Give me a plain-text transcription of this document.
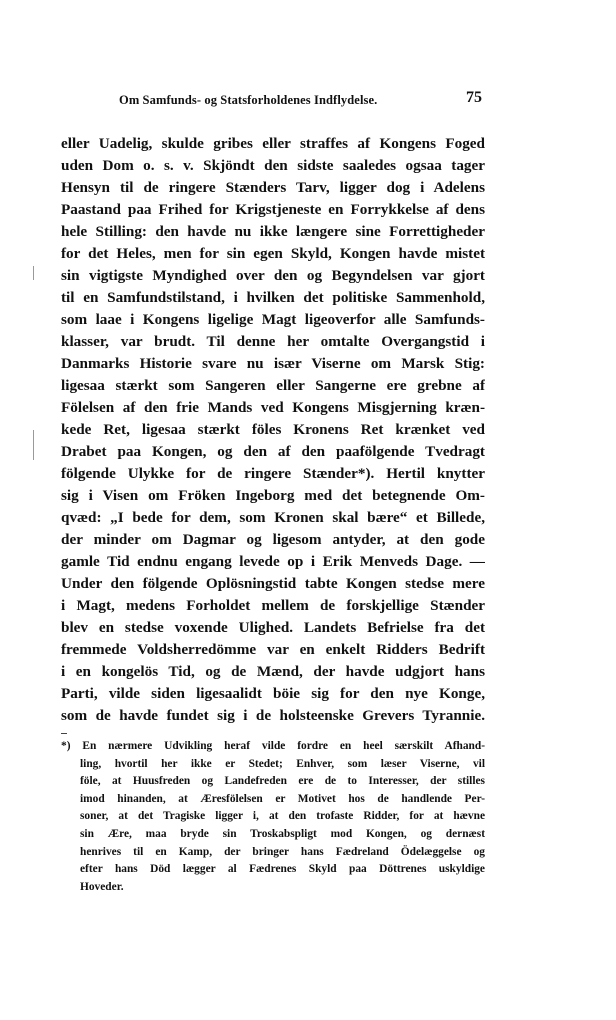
Om Samfunds- og Statsforholdenes Indflydelse.	75
eller Uadelig, skulde gribes eller straffes af Kongens Foged
uden Dom o. s. v. Skjöndt den sidste saaledes ogsaa tager
Hensyn til de ringere Stænders Tarv, ligger dog i Adelens
Paastand paa Frihed for Krigstjeneste en Forrykkelse af dens
hele Stilling: den havde nu ikke længere sine Forrettigheder
for det Heles, men for sin egen Skyld, Kongen havde mistet
sin vigtigste Myndighed over den og Begyndelsen var gjort
til en Samfundstilstand, i hvilken det politiske Sammenhold,
som laae i Kongens ligelige Magt ligeoverfor alle Samfunds-
klasser, var brudt. Til denne her omtalte Overgangstid i
Danmarks Historie svare nu især Viserne om Marsk Stig:
ligesaa stærkt som Sangeren eller Sangerne ere grebne af
Fölelsen af den frie Mands ved Kongens Misgjerning kræn-
kede Ret, ligesaa stærkt föles Kronens Ret krænket ved
Drabet paa Kongen, og den af den paafölgende Tvedragt
fölgende Ulykke for de ringere Stænder*). Hertil knytter
sig i Visen om Fröken Ingeborg med det betegnende Om-
qvæd: „I bede for dem, som Kronen skal bære“ et Billede,
der minder om Dagmar og ligesom antyder, at den gode
gamle Tid endnu engang levede op i Erik Menveds Dage. —
Under den fölgende Oplösningstid tabte Kongen stedse mere
i Magt, medens Forholdet mellem de forskjellige Stænder
blev en stedse voxende Ulighed. Landets Befrielse fra det
fremmede Voldsherredömme var en enkelt Ridders Bedrift
i en kongelös Tid, og de Mænd, der havde udgjort hans
Parti, vilde siden ligesaalidt böie sig for den nye Konge,
som de havde fundet sig i de holsteenske Grevers Tyrannie.
*) En nærmere Udvikling heraf vilde fordre en heel særskilt Afhand-
ling, hvortil her ikke er Stedet; Enhver, som læser Viserne, vil
föle, at Huusfreden og Landefreden ere de to Interesser, der stilles
imod hinanden, at Æresfölelsen er Motivet hos de handlende Per-
soner, at det Tragiske ligger i, at den trofaste Ridder, for at hævne
sin Ære, maa bryde sin Troskabspligt mod Kongen, og dernæst
henrives til en Kamp, der bringer hans Fædreland Ödelæggelse og
efter hans Död lægger al Fædrenes Skyld paa Döttrenes uskyldige
Hoveder.
